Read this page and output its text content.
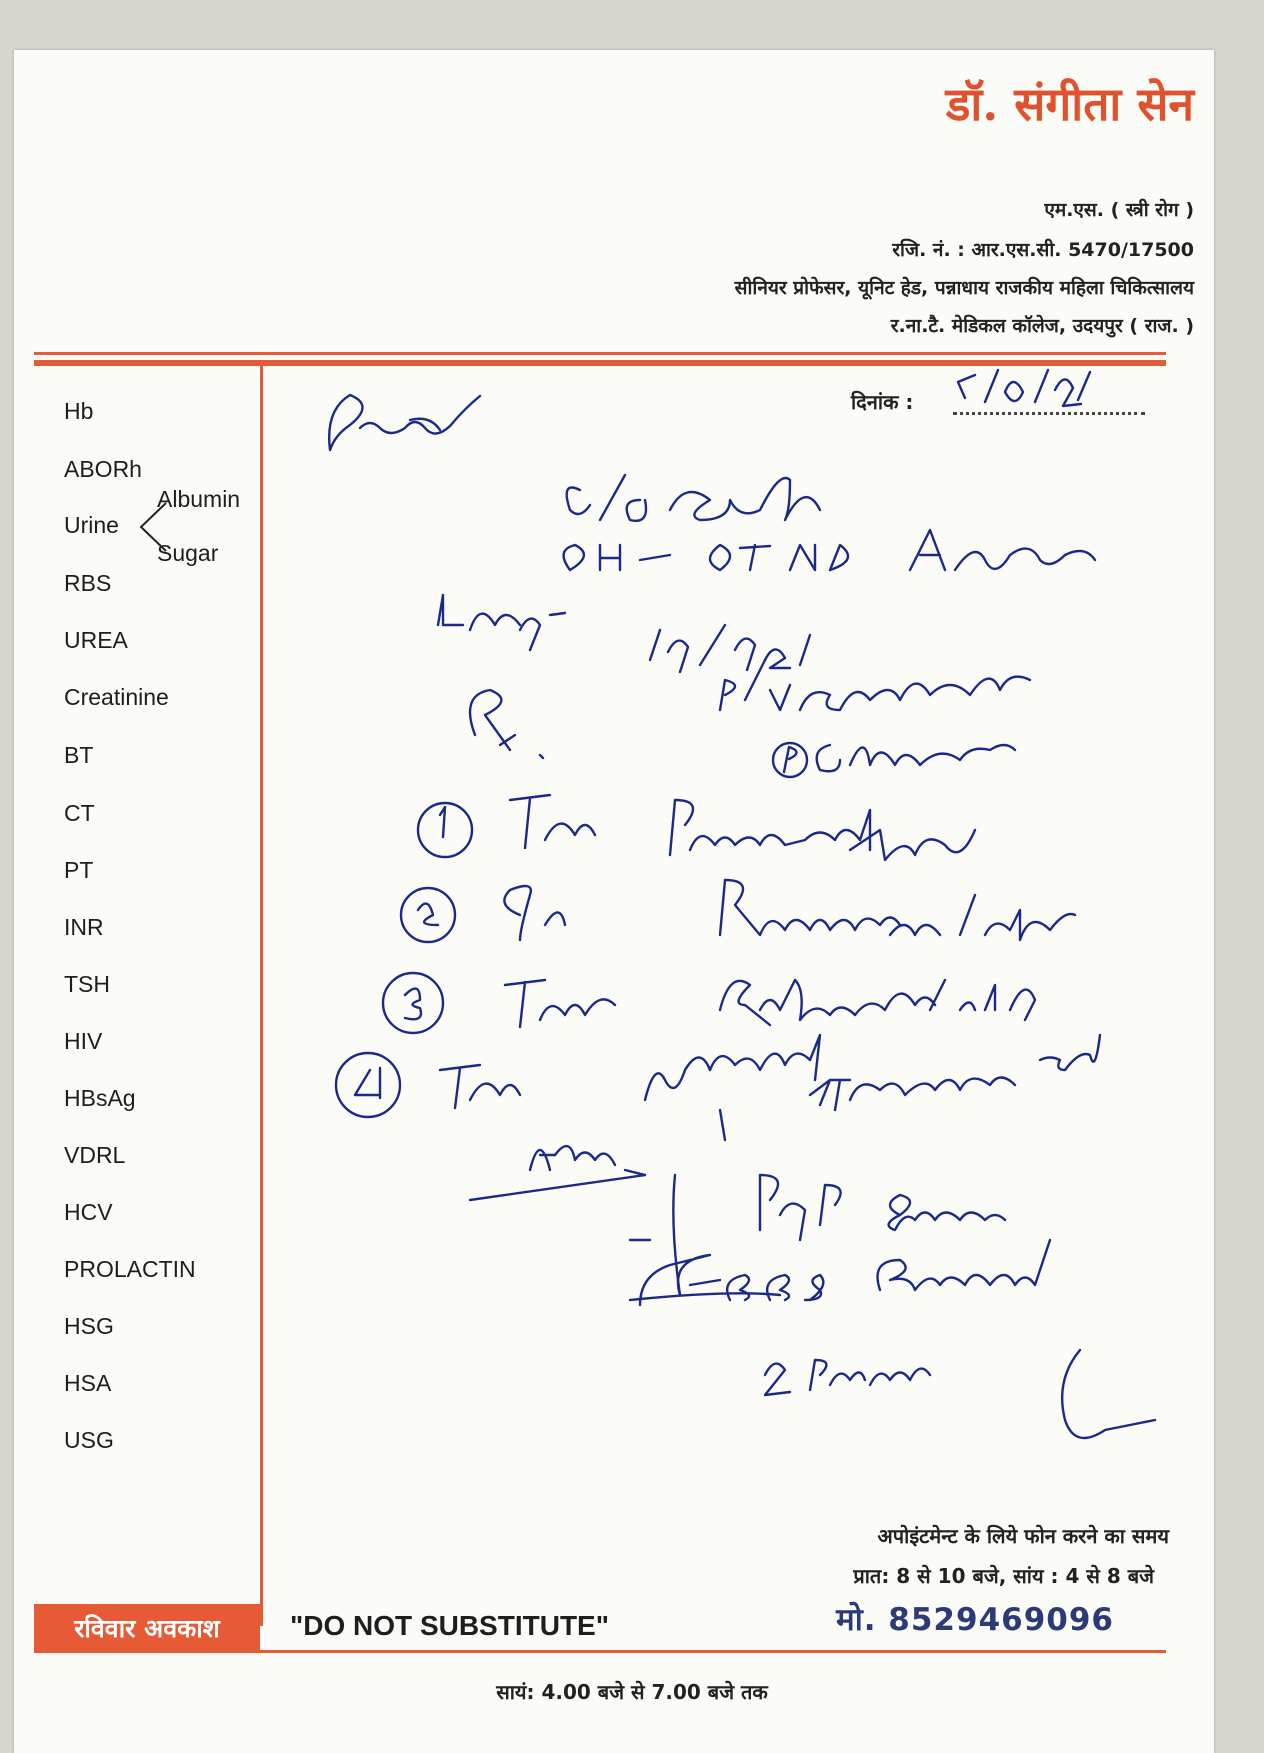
डॉ. संगीता सेन
एम.एस. ( स्त्री रोग )
रजि. नं. : आर.एस.सी. 5470/17500
सीनियर प्रोफेसर, यूनिट हेड, पन्नाधाय राजकीय महिला चिकित्सालय
र.ना.टै. मेडिकल कॉलेज, उदयपुर ( राज. )
Hb
ABORh
Urine
Albumin
Sugar
RBS
UREA
Creatinine
BT
CT
PT
INR
TSH
HIV
HBsAg
VDRL
HCV
PROLACTIN
HSG
HSA
USG
दिनांक :
अपोइंटमेन्ट के लिये फोन करने का समय
प्रात: 8 से 10 बजे, सांय : 4 से 8 बजे
मो. 8529469096
रविवार अवकाश	"DO NOT SUBSTITUTE"
सायं: 4.00 बजे से 7.00 बजे तक
